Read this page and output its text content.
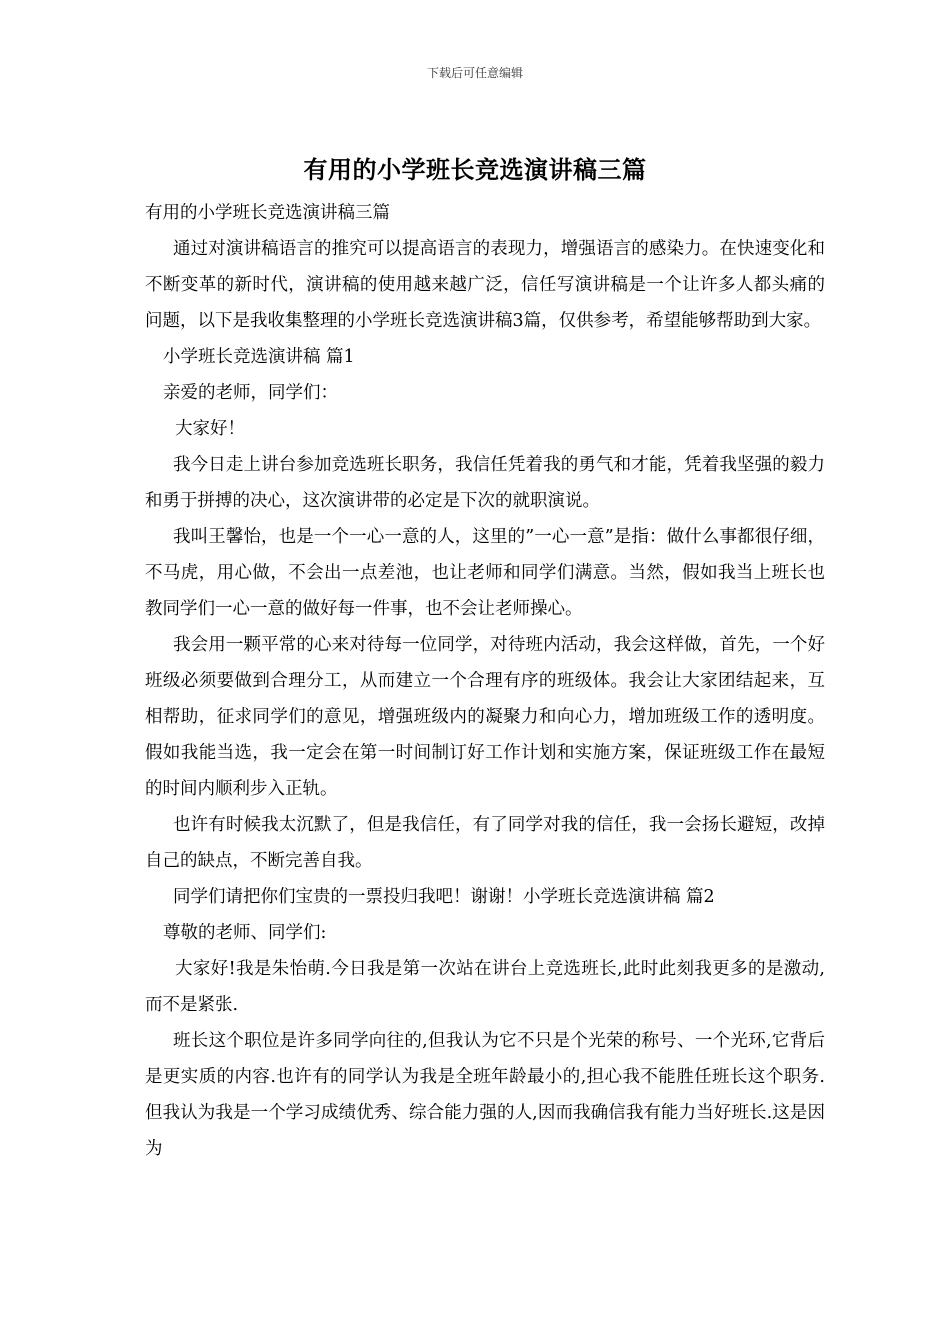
下载后可任意编辑
有用的小学班长竞选演讲稿三篇

有用的小学班长竞选演讲稿三篇

通过对演讲稿语言的推究可以提高语言的表现力，增强语言的感染力。在快速变化和不断变革的新时代，演讲稿的使用越来越广泛，信任写演讲稿是一个让许多人都头痛的问题，以下是我收集整理的小学班长竞选演讲稿3篇，仅供参考，希望能够帮助到大家。

小学班长竞选演讲稿 篇1

亲爱的老师，同学们：

大家好！

我今日走上讲台参加竞选班长职务，我信任凭着我的勇气和才能，凭着我坚强的毅力和勇于拼搏的决心，这次演讲带的必定是下次的就职演说。

我叫王馨怡，也是一个一心一意的人，这里的”一心一意”是指：做什么事都很仔细，不马虎，用心做，不会出一点差池，也让老师和同学们满意。当然，假如我当上班长也教同学们一心一意的做好每一件事，也不会让老师操心。

我会用一颗平常的心来对待每一位同学，对待班内活动，我会这样做，首先，一个好班级必须要做到合理分工，从而建立一个合理有序的班级体。我会让大家团结起来，互相帮助，征求同学们的意见，增强班级内的凝聚力和向心力，增加班级工作的透明度。假如我能当选，我一定会在第一时间制订好工作计划和实施方案，保证班级工作在最短的时间内顺利步入正轨。

也许有时候我太沉默了，但是我信任，有了同学对我的信任，我一会扬长避短，改掉自己的缺点，不断完善自我。

同学们请把你们宝贵的一票投归我吧！谢谢！小学班长竞选演讲稿 篇2

尊敬的老师、同学们:

大家好!我是朱怡萌.今日我是第一次站在讲台上竞选班长,此时此刻我更多的是激动,而不是紧张.

班长这个职位是许多同学向往的,但我认为它不只是个光荣的称号、一个光环,它背后是更实质的内容.也许有的同学认为我是全班年龄最小的,担心我不能胜任班长这个职务.但我认为我是一个学习成绩优秀、综合能力强的人,因而我确信我有能力当好班长.这是因为
